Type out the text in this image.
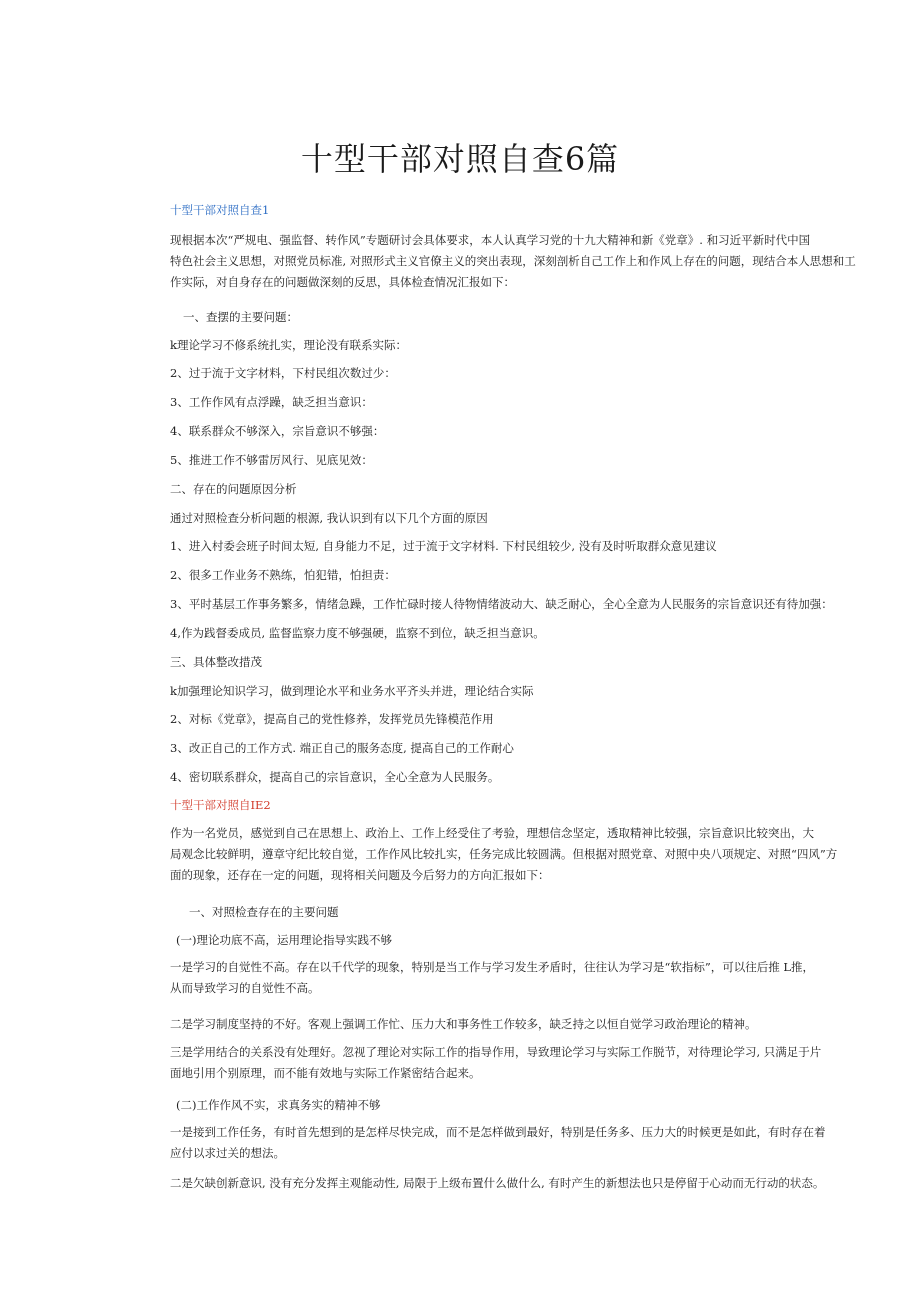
十型干部对照自查6篇
十型干部对照自查1
现根据本次“严规电、强监督、转作风”专题研讨会具体要求，本人认真学习党的十九大精神和新《党章》. 和习近平新时代中国
特色社会主义思想，对照党员标准, 对照形式主义官僚主义的突出表现，深刻剖析自己工作上和作风上存在的问题，现结合本人思想和工
作实际，对自身存在的问题做深刻的反思，具体检查情况汇报如下：
一、查摆的主要问题：
k理论学习不修系统扎实，理论没有联系实际：
2、过于流于文字材料，下村民组次数过少：
3、工作作风有点浮躁，缺乏担当意识：
4、联系群众不够深入，宗旨意识不够强：
5、推进工作不够雷厉风行、见底见效：
二、存在的问题原因分析
通过对照检查分析问题的根源, 我认识到有以下几个方面的原因
1、进入村委会班子时间太短, 自身能力不足，过于流于文字材料. 下村民组较少, 没有及时听取群众意见建议
2、很多工作业务不熟练，怕犯错，怕担责：
3、平时基层工作事务繁多，情绪急躁，工作忙碌时接人待物情绪波动大、缺乏耐心，全心全意为人民服务的宗旨意识还有待加强：
4,作为践督委成员, 监督监察力度不够强硬，监察不到位，缺乏担当意识。
三、具体整改措茂
k加强理论知识学习，做到理论水平和业务水平齐头并进，理论结合实际
2、对标《党章》，提高自己的党性修养，发挥党员先锋模范作用
3、改正自己的工作方式. 端正自己的服务态度, 提高自己的工作耐心
4、密切联系群众，提高自己的宗旨意识，全心全意为人民服务。
十型干部对照自IE2
作为一名党员，感觉到自己在思想上、政治上、工作上经受住了考验，理想信念坚定，透取精神比较强，宗旨意识比较突出，大
局观念比较鲜明，遵章守纪比较自觉，工作作风比较扎实，任务完成比较圆满。但根据对照党章、对照中央八项规定、对照“四风”方
面的现象，还存在一定的问题，现将相关问题及今后努力的方向汇报如下：
一、对照检查存在的主要问题
(一)理论功底不高，运用理论指导实践不够
一是学习的自觉性不高。存在以千代学的现象，特别是当工作与学习发生矛盾时，往往认为学习是“软指标”，可以往后推 L推，
从而导致学习的自觉性不高。
二是学习制度坚持的不好。客观上强调工作忙、压力大和事务性工作较多，缺乏持之以恒自觉学习政治理论的精神。
三是学用结合的关系没有处理好。忽视了理论对实际工作的指导作用，导致理论学习与实际工作脱节，对待理论学习, 只满足于片
面地引用个别原理，而不能有效地与实际工作紧密结合起来。
(二)工作作风不实，求真务实的精神不够
一是接到工作任务，有时首先想到的是怎样尽快完成，而不是怎样做到最好，特别是任务多、压力大的时候更是如此，有时存在着
应付以求过关的想法。
二是欠缺创新意识, 没有充分发挥主观能动性, 局限于上级布置什么做什么, 有时产生的新想法也只是停留于心动而无行动的状态。
